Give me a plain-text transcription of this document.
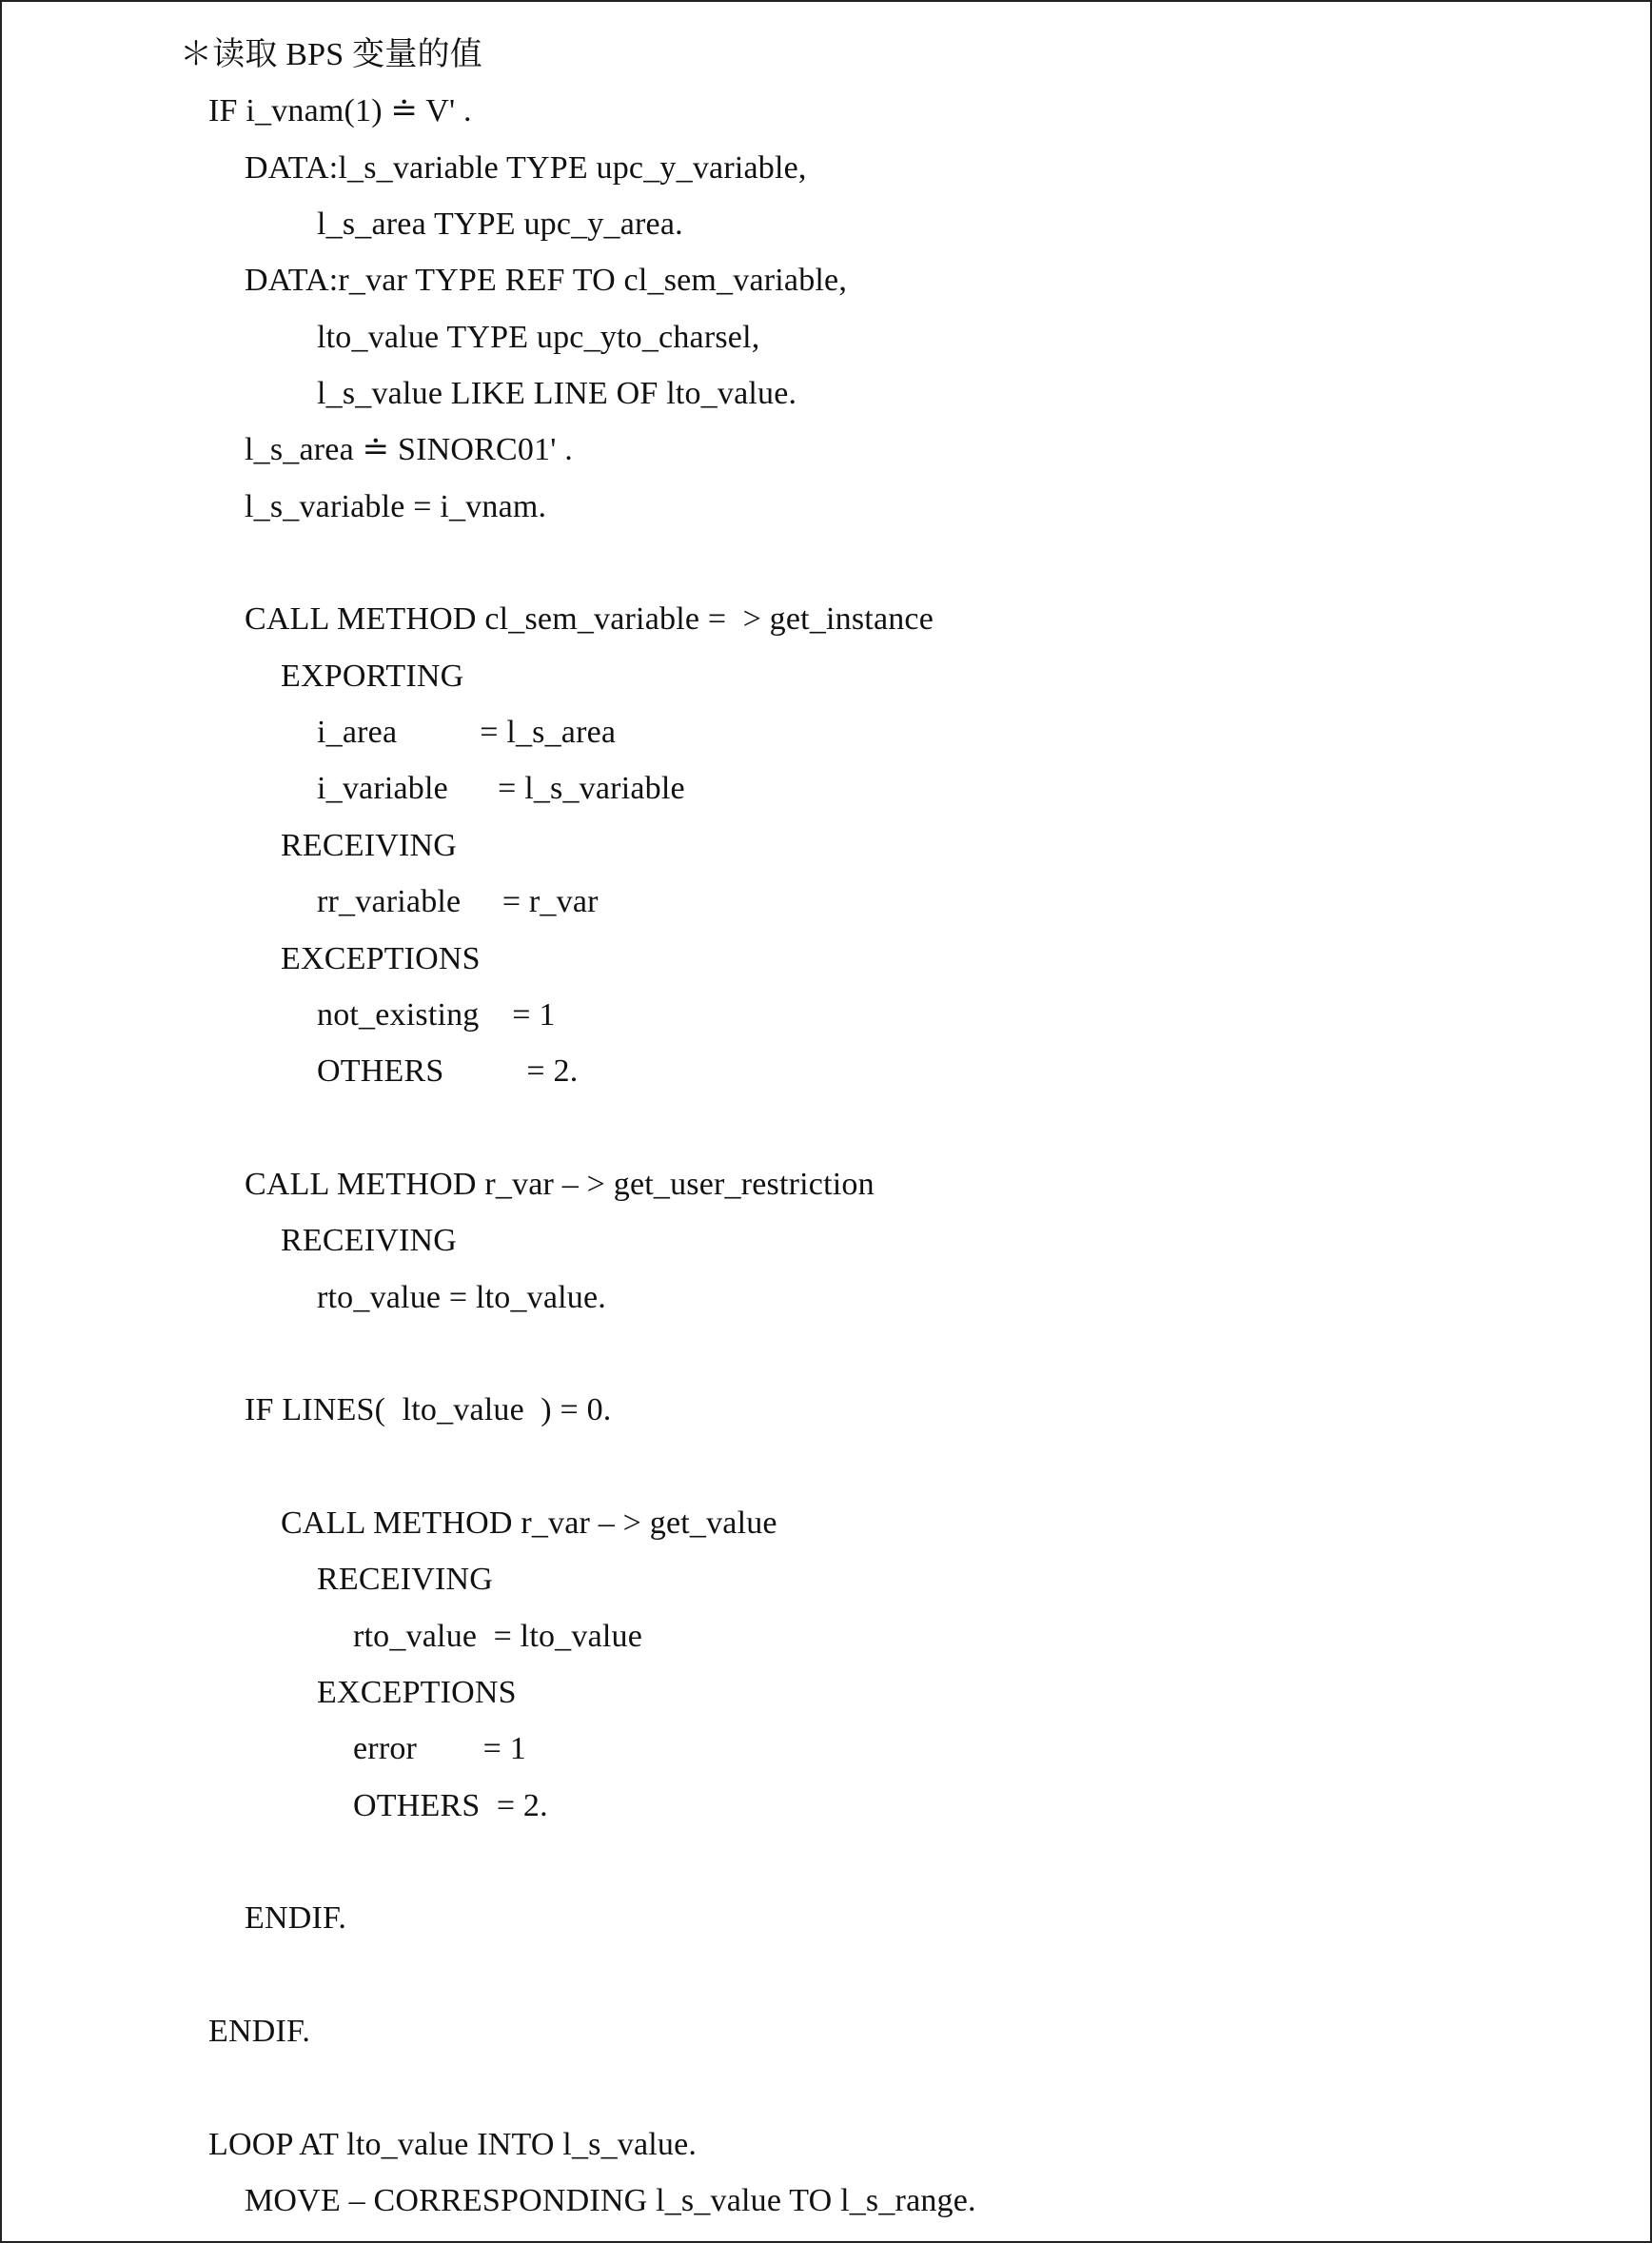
＊读取 BPS 变量的值
IF i_vnam(1) ≐ V' .
DATA:l_s_variable TYPE upc_y_variable,
l_s_area TYPE upc_y_area.
DATA:r_var TYPE REF TO cl_sem_variable,
lto_value TYPE upc_yto_charsel,
l_s_value LIKE LINE OF lto_value.
l_s_area ≐ SINORC01' .
l_s_variable = i_vnam.
CALL METHOD cl_sem_variable =  > get_instance
EXPORTING
i_area          = l_s_area
i_variable      = l_s_variable
RECEIVING
rr_variable     = r_var
EXCEPTIONS
not_existing    = 1
OTHERS          = 2.
CALL METHOD r_var – > get_user_restriction
RECEIVING
rto_value = lto_value.
IF LINES(  lto_value  ) = 0.
CALL METHOD r_var – > get_value
RECEIVING
rto_value  = lto_value
EXCEPTIONS
error        = 1
OTHERS  = 2.
ENDIF.
ENDIF.
LOOP AT lto_value INTO l_s_value.
MOVE – CORRESPONDING l_s_value TO l_s_range.
